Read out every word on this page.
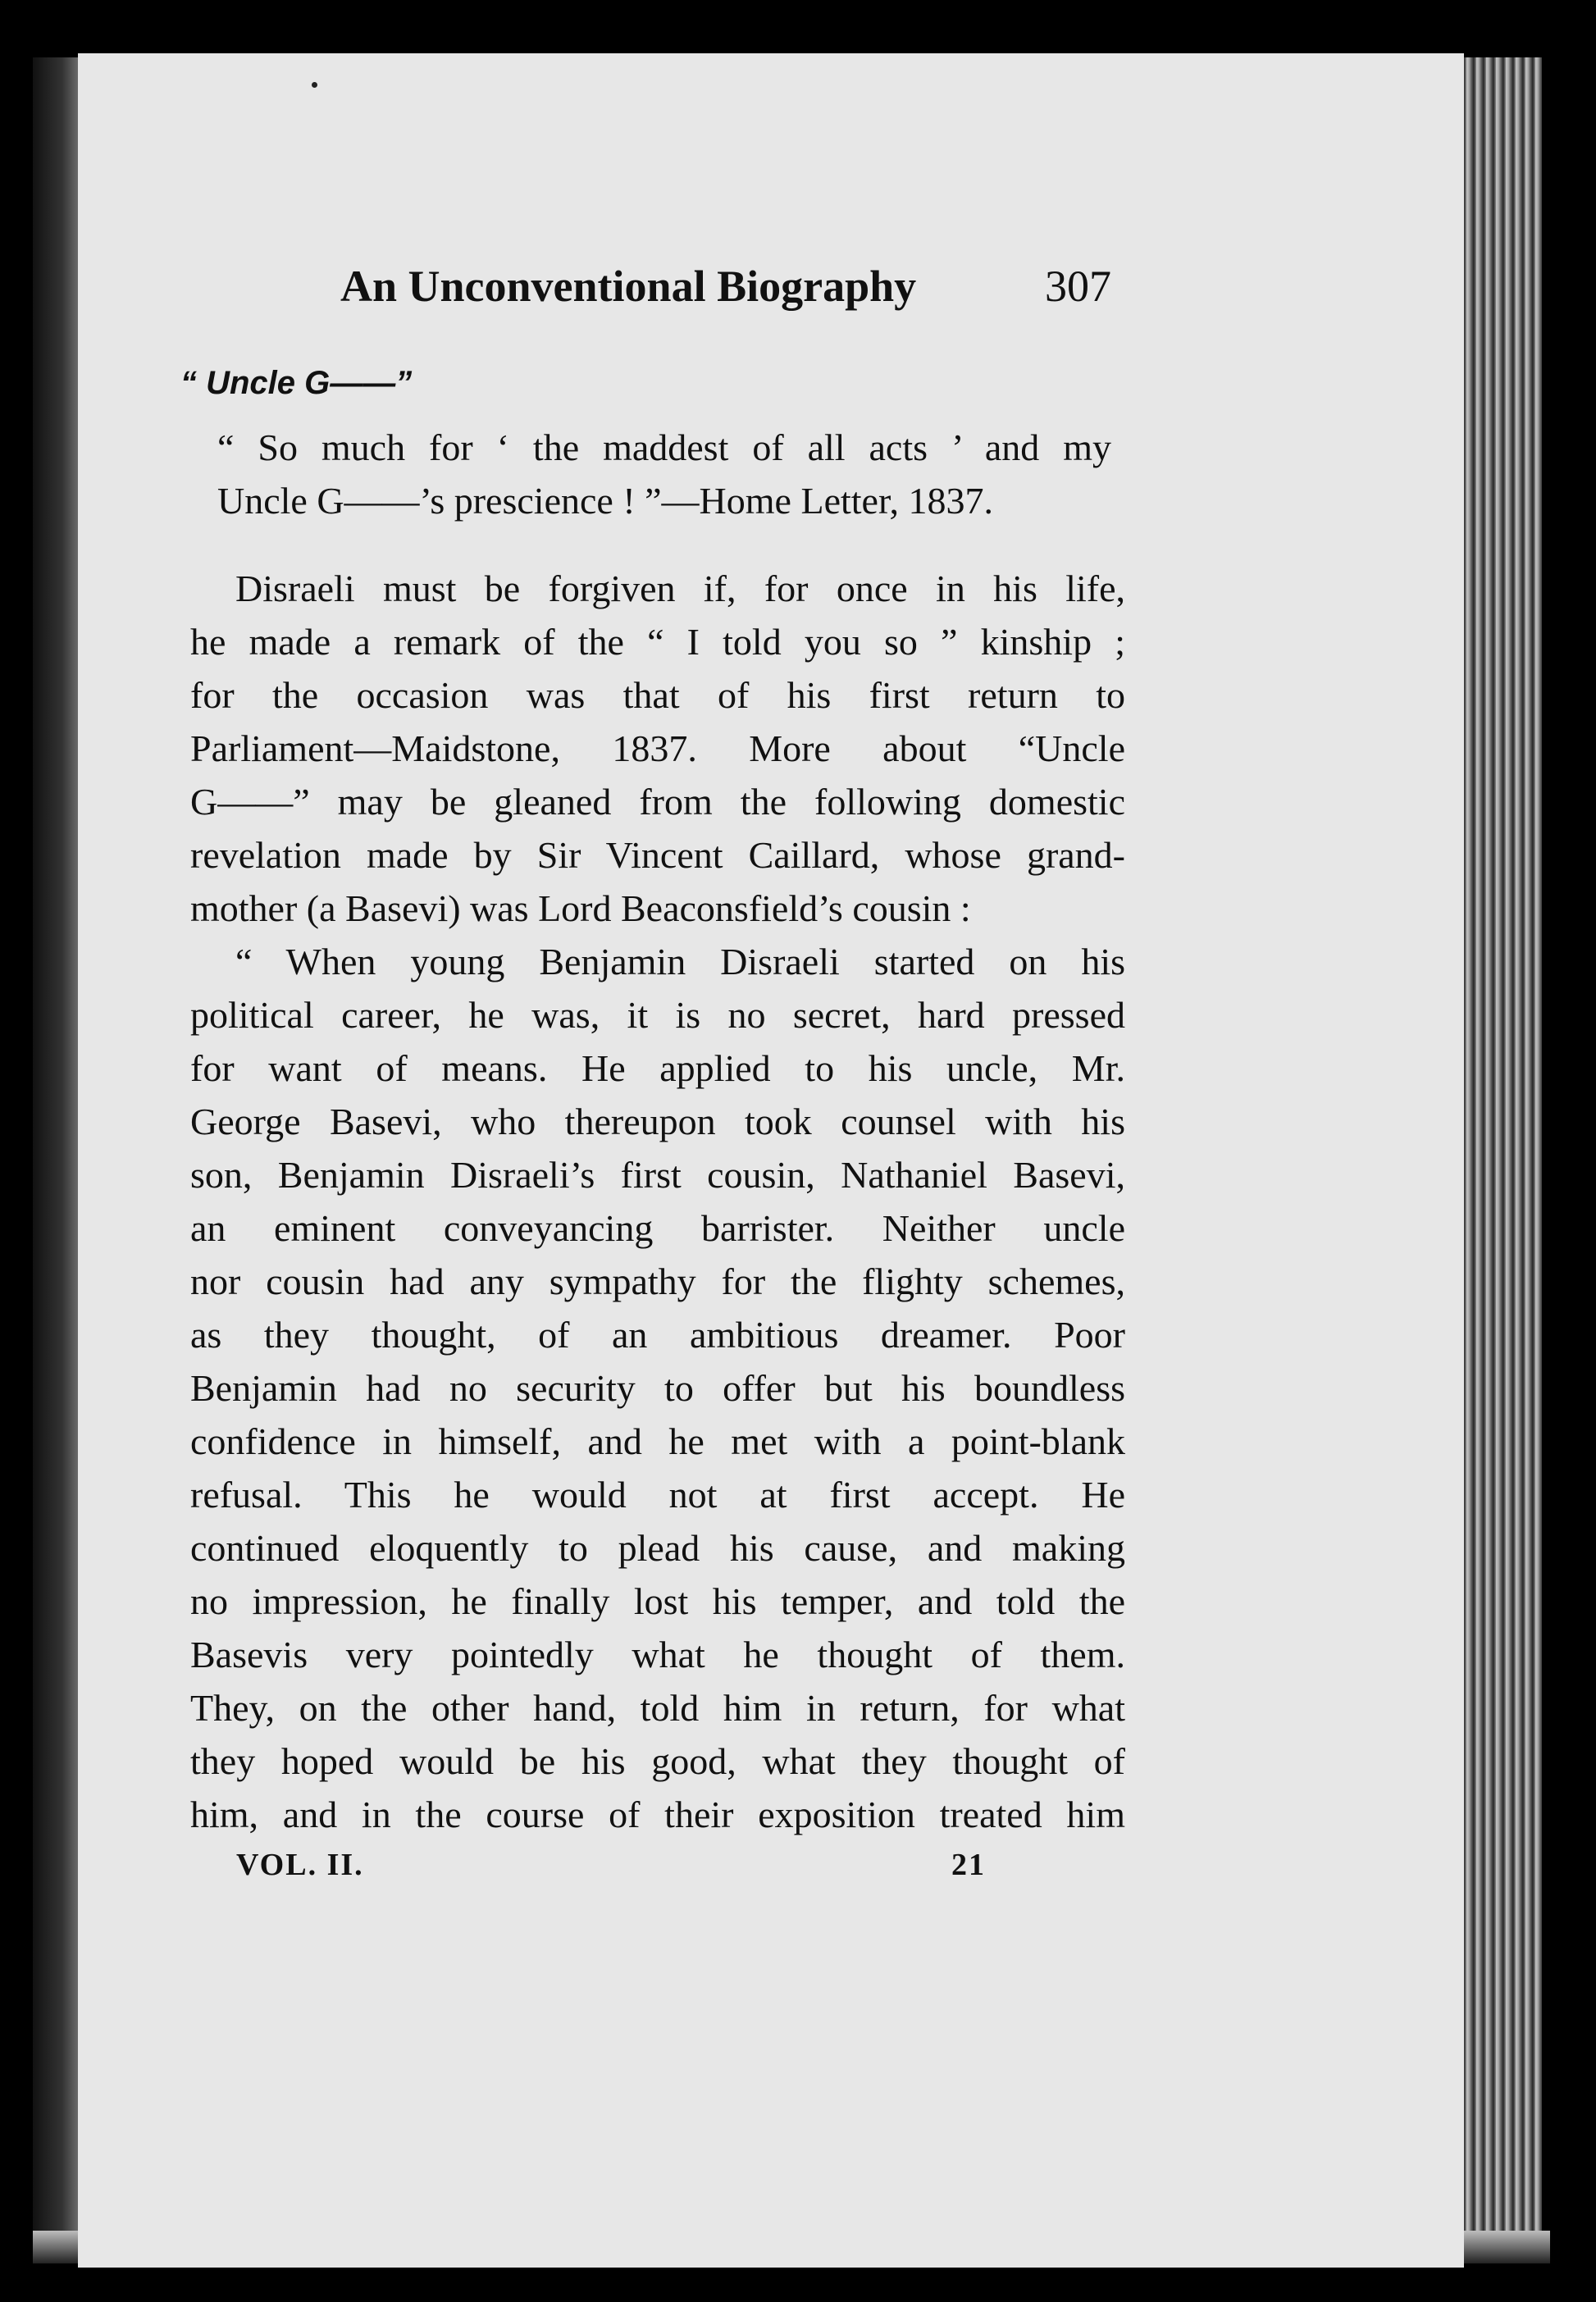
An Unconventional Biography	307
“ Uncle G——”
“ So much for ‘ the maddest of all acts ’ and my
Uncle G——’s prescience ! ”—Home Letter, 1837.
Disraeli must be forgiven if, for once in his life,
he made a remark of the “ I told you so ” kinship ;
for the occasion was that of his first return to
Parliament—Maidstone, 1837. More about “Uncle
G——” may be gleaned from the following domestic
revelation made by Sir Vincent Caillard, whose grand-
mother (a Basevi) was Lord Beaconsfield’s cousin :
“ When young Benjamin Disraeli started on his
political career, he was, it is no secret, hard pressed
for want of means. He applied to his uncle, Mr.
George Basevi, who thereupon took counsel with his
son, Benjamin Disraeli’s first cousin, Nathaniel Basevi,
an eminent conveyancing barrister. Neither uncle
nor cousin had any sympathy for the flighty schemes,
as they thought, of an ambitious dreamer. Poor
Benjamin had no security to offer but his boundless
confidence in himself, and he met with a point-blank
refusal. This he would not at first accept. He
continued eloquently to plead his cause, and making
no impression, he finally lost his temper, and told the
Basevis very pointedly what he thought of them.
They, on the other hand, told him in return, for what
they hoped would be his good, what they thought of
him, and in the course of their exposition treated him
VOL. II.	21
